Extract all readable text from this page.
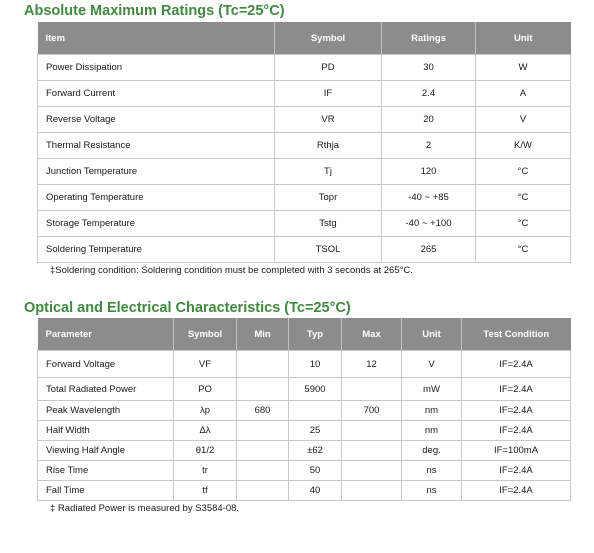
Absolute Maximum Ratings (Tc=25°C)
Item	Symbol	Ratings	Unit
Power Dissipation	PD	30	W
Forward Current	IF	2.4	A
Reverse Voltage	VR	20	V
Thermal Resistance	Rthja	2	K/W
Junction Temperature	Tj	120	°C
Operating Temperature	Topr	-40 ~ +85	°C
Storage Temperature	Tstg	-40 ~ +100	°C
Soldering Temperature	TSOL	265	°C
‡Soldering condition: Soldering condition must be completed with 3 seconds at 265°C.
Optical and Electrical Characteristics (Tc=25°C)
Parameter	Symbol	Min	Typ	Max	Unit	Test Condition
Forward Voltage	VF		10	12	V	IF=2.4A
Total Radiated Power	PO		5900		mW	IF=2.4A
Peak Wavelength	λp	680		700	nm	IF=2.4A
Half Width	Δλ		25		nm	IF=2.4A
Viewing Half Angle	θ1/2		±62		deg.	IF=100mA
Rise Time	tr		50		ns	IF=2.4A
Fall Time	tf		40		ns	IF=2.4A
‡ Radiated Power is measured by S3584-08.
